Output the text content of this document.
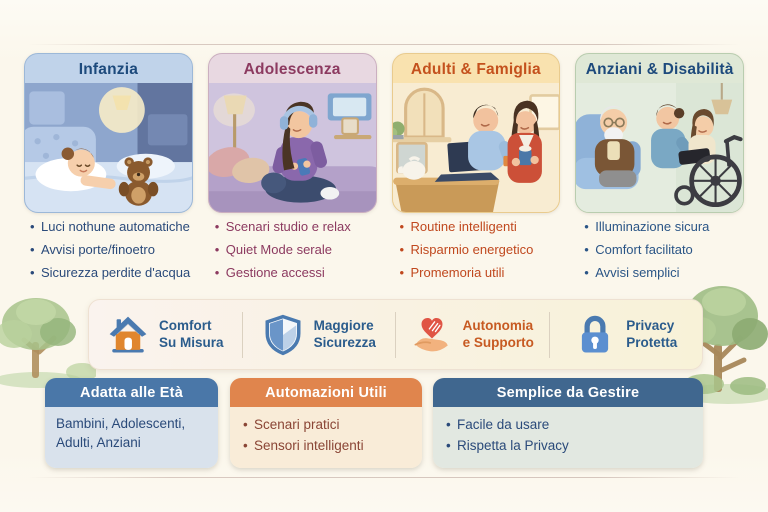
Infanzia	Adolescenza	Adulti & Famiglia	Anziani & Disabilità
• Luci nothune automatiche
• Avvisi porte/finoetro
• Sicurezza perdite d'acqua
• Scenari studio e relax
• Quiet Mode serale
• Gestione accessi
• Routine intelligenti
• Risparmio energetico
• Promemoria utili
• Illuminazione sicura
• Comfort facilitato
• Avvisi semplici
Comfort
Su Misura
Maggiore
Sicurezza
Autonomia
e Supporto
Privacy
Protetta
Adatta alle Età
Bambini, Adolescenti, Adulti, Anziani
Automazioni Utili
• Scenari pratici
• Sensori intelligenti
Semplice da Gestire
• Facile da usare
• Rispetta la Privacy
